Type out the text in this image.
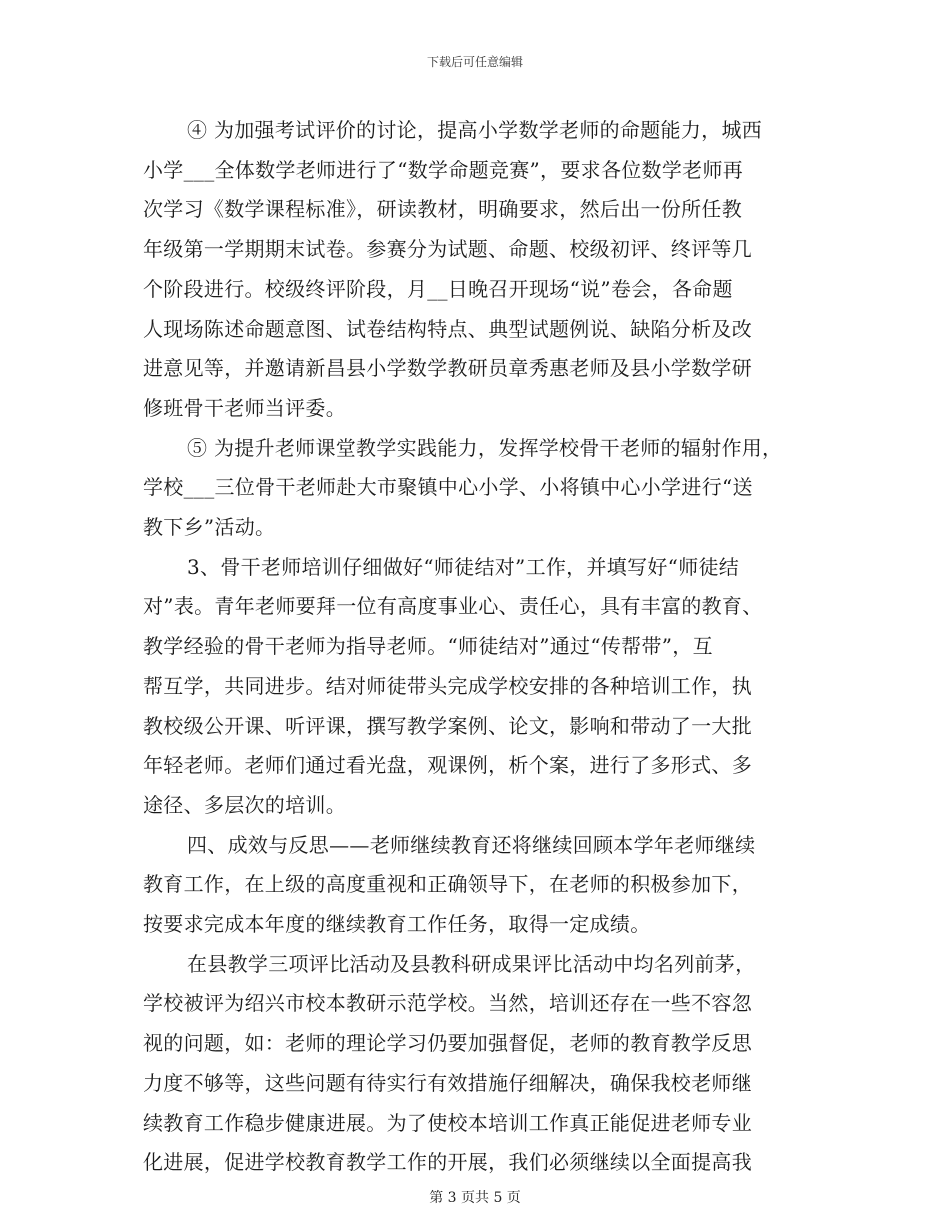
下载后可任意编辑
④ 为加强考试评价的讨论，提高小学数学老师的命题能力，城西
小学___全体数学老师进行了“数学命题竞赛”，要求各位数学老师再
次学习《数学课程标准》，研读教材，明确要求，然后出一份所任教
年级第一学期期末试卷。参赛分为试题、命题、校级初评、终评等几
个阶段进行。校级终评阶段，月__日晚召开现场“说”卷会，各命题
人现场陈述命题意图、试卷结构特点、典型试题例说、缺陷分析及改
进意见等，并邀请新昌县小学数学教研员章秀惠老师及县小学数学研
修班骨干老师当评委。
⑤ 为提升老师课堂教学实践能力，发挥学校骨干老师的辐射作用，
学校___三位骨干老师赴大市聚镇中心小学、小将镇中心小学进行“送
教下乡”活动。
3、骨干老师培训仔细做好“师徒结对”工作，并填写好“师徒结
对”表。青年老师要拜一位有高度事业心、责任心，具有丰富的教育、
教学经验的骨干老师为指导老师。“师徒结对”通过“传帮带”，互
帮互学，共同进步。结对师徒带头完成学校安排的各种培训工作，执
教校级公开课、听评课，撰写教学案例、论文，影响和带动了一大批
年轻老师。老师们通过看光盘，观课例，析个案，进行了多形式、多
途径、多层次的培训。
四、成效与反思——老师继续教育还将继续回顾本学年老师继续
教育工作，在上级的高度重视和正确领导下，在老师的积极参加下，
按要求完成本年度的继续教育工作任务，取得一定成绩。
在县教学三项评比活动及县教科研成果评比活动中均名列前茅，
学校被评为绍兴市校本教研示范学校。当然，培训还存在一些不容忽
视的问题，如：老师的理论学习仍要加强督促，老师的教育教学反思
力度不够等，这些问题有待实行有效措施仔细解决，确保我校老师继
续教育工作稳步健康进展。为了使校本培训工作真正能促进老师专业
化进展，促进学校教育教学工作的开展，我们必须继续以全面提高我
第 3 页共 5 页
